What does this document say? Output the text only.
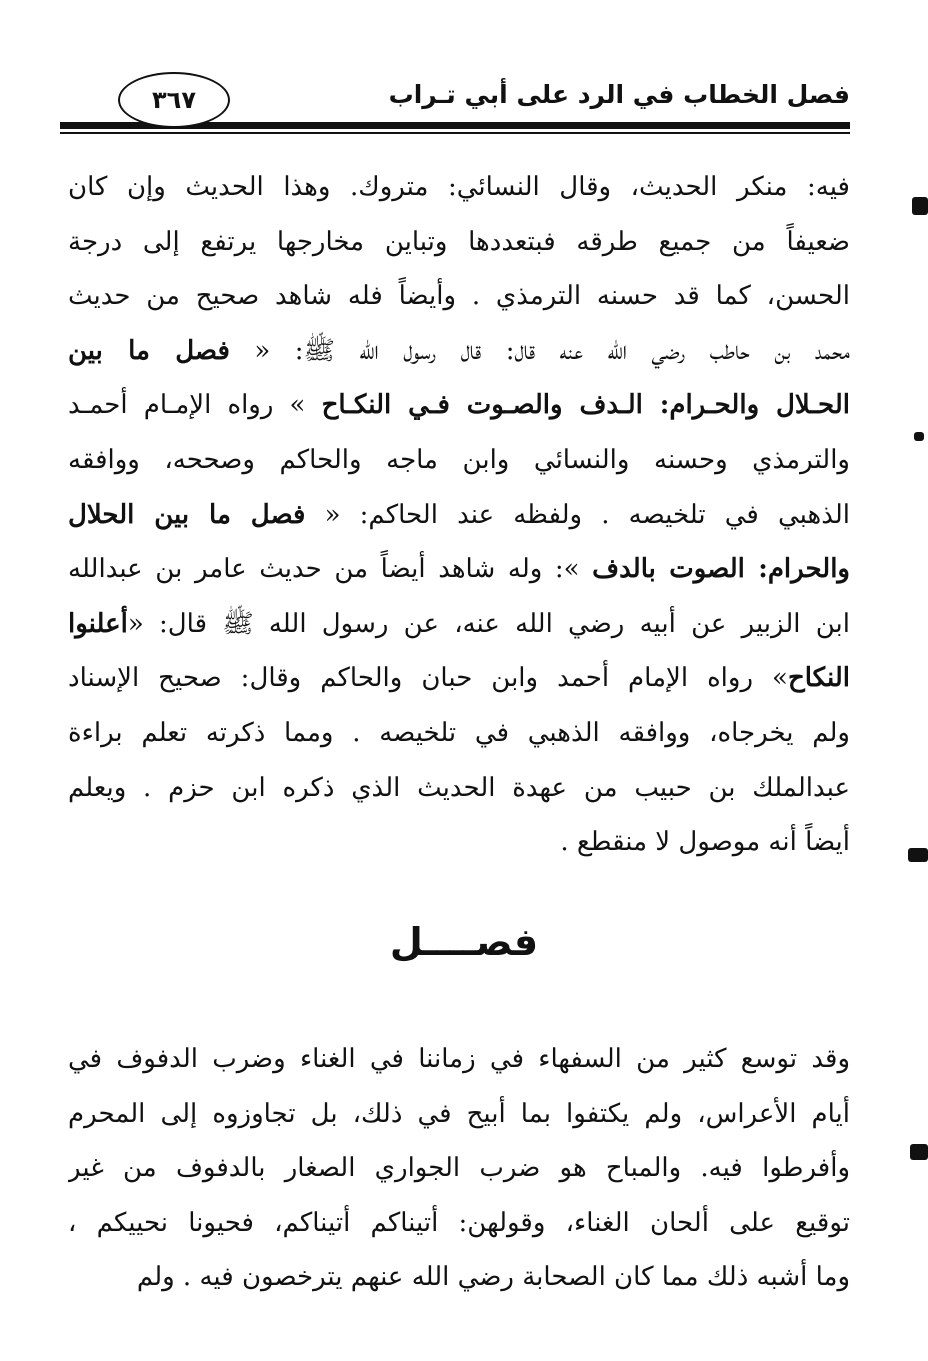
فصل الخطاب في الرد على أبي تـراب
٣٦٧
فيه: منكر الحديث، وقال النسائي: متروك. وهذا الحديث وإن كان
ضعيفاً من جميع طرقه فبتعددها وتباين مخارجها يرتفع إلى درجة
الحسن، كما قد حسنه الترمذي . وأيضاً فله شاهد صحيح من حديث
محمد بن حاطب رضي الله عنه قال: قال رسول الله ﷺ: « فصل ما بين
الحـلال والحـرام: الـدف والصـوت فـي النكـاح » رواه الإمـام أحمـد
والترمذي وحسنه والنسائي وابن ماجه والحاكم وصححه، ووافقه
الذهبي في تلخيصه . ولفظه عند الحاكم: « فصل ما بين الحلال
والحرام: الصوت بالدف »: وله شاهد أيضاً من حديث عامر بن عبدالله
ابن الزبير عن أبيه رضي الله عنه، عن رسول الله ﷺ قال: «أعلنوا
النكاح» رواه الإمام أحمد وابن حبان والحاكم وقال: صحيح الإسناد
ولم يخرجاه، ووافقه الذهبي في تلخيصه . ومما ذكرته تعلم براءة
عبدالملك بن حبيب من عهدة الحديث الذي ذكره ابن حزم . ويعلم
أيضاً أنه موصول لا منقطع .
فصــــل
وقد توسع كثير من السفهاء في زماننا في الغناء وضرب الدفوف في
أيام الأعراس، ولم يكتفوا بما أبيح في ذلك، بل تجاوزوه إلى المحرم
وأفرطوا فيه. والمباح هو ضرب الجواري الصغار بالدفوف من غير
توقيع على ألحان الغناء، وقولهن: أتيناكم أتيناكم، فحيونا نحييكم ،
وما أشبه ذلك مما كان الصحابة رضي الله عنهم يترخصون فيه . ولم
